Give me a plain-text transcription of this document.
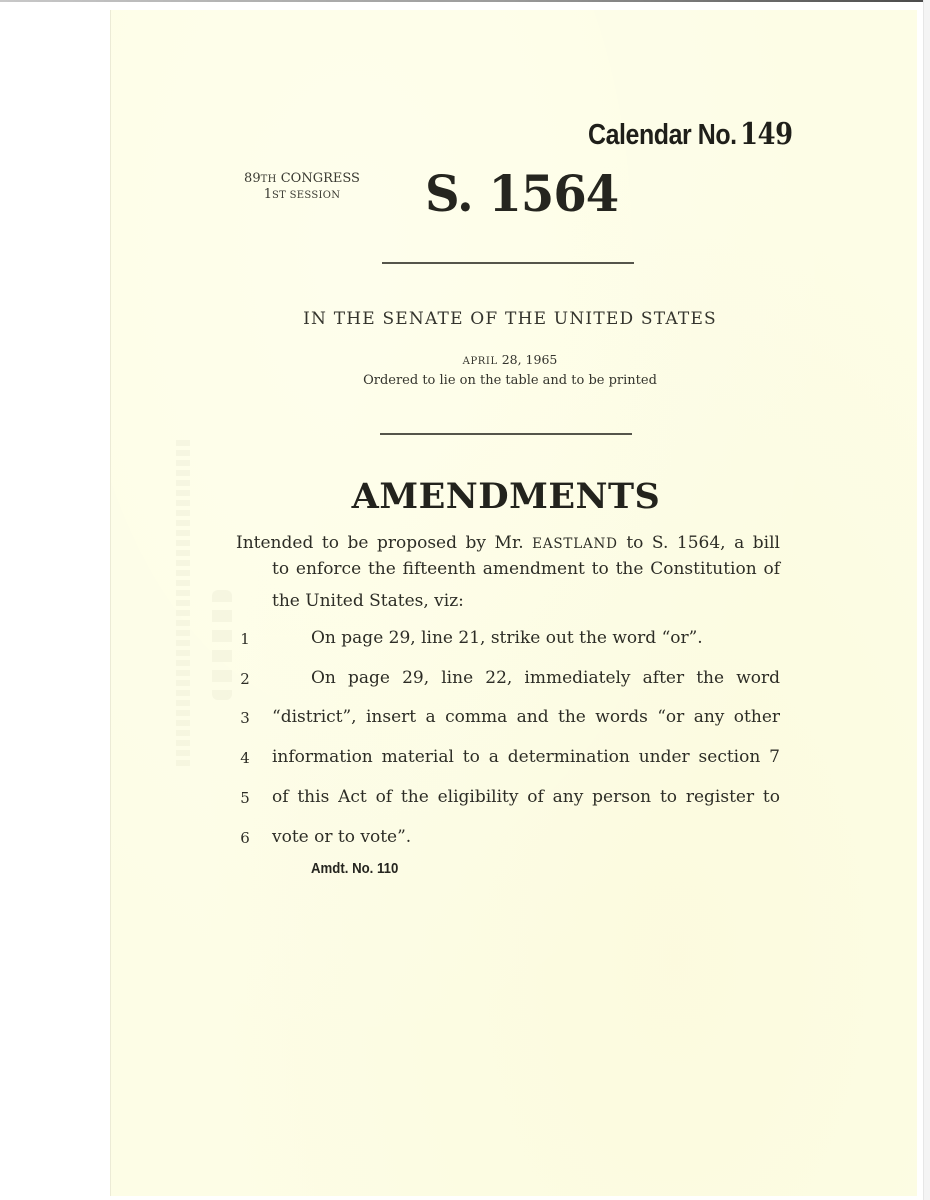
Calendar No. 149
89TH CONGRESS
1ST SESSION	S. 1564
IN THE SENATE OF THE UNITED STATES
APRIL 28, 1965
Ordered to lie on the table and to be printed
AMENDMENTS
Intended to be proposed by Mr. EASTLAND to S. 1564, a bill
to enforce the fifteenth amendment to the Constitution of
the United States, viz:
1	On page 29, line 21, strike out the word “or”.
2	On page 29, line 22, immediately after the word
3 “district”, insert a comma and the words “or any other
4 information material to a determination under section 7
5 of this Act of the eligibility of any person to register to
6 vote or to vote”.
Amdt. No. 110
